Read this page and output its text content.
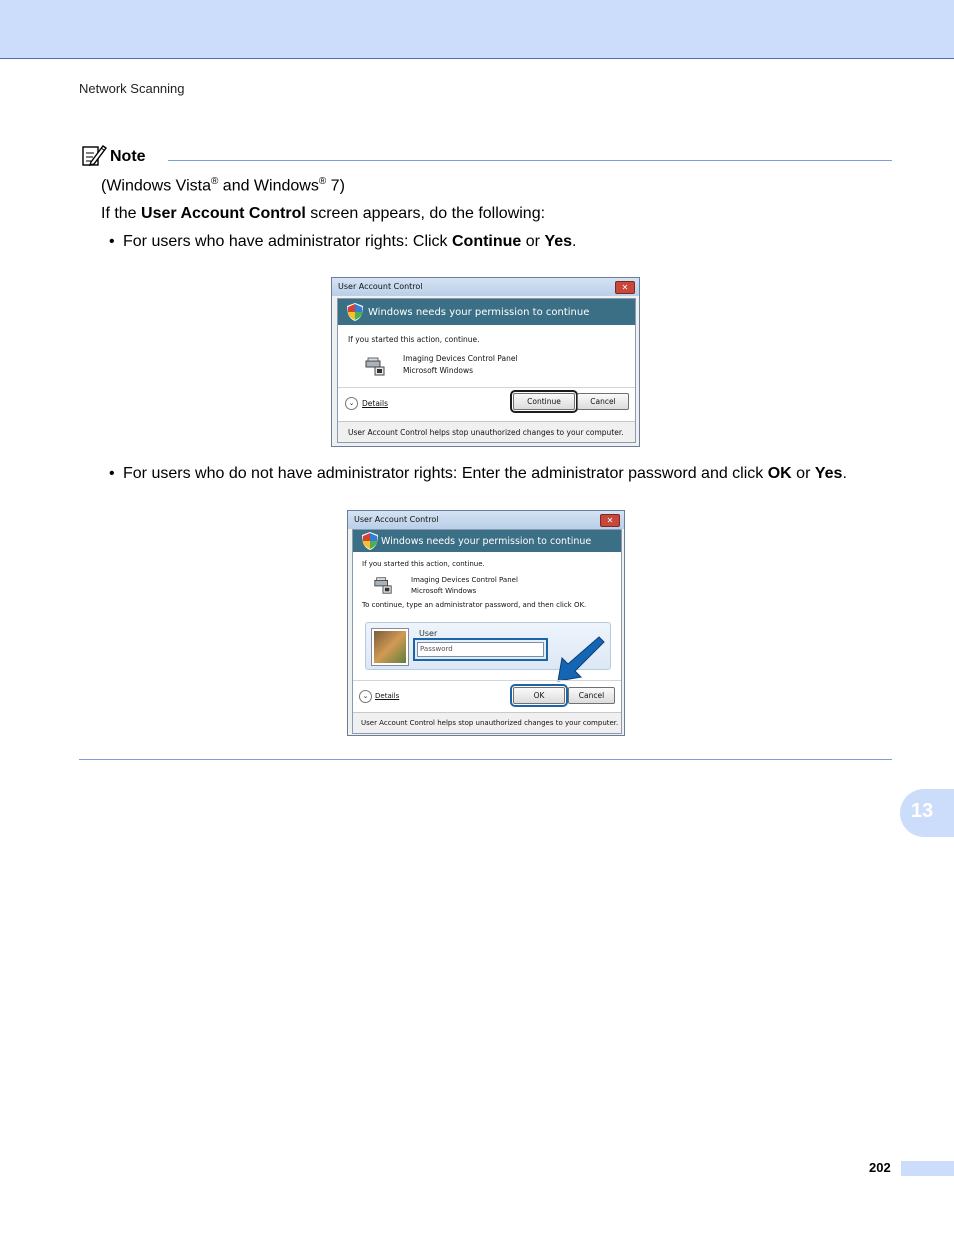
Network Scanning
Note
(Windows Vista® and Windows® 7)
If the User Account Control screen appears, do the following:
• For users who have administrator rights: Click Continue or Yes.
User Account Control	✕
Windows needs your permission to continue
If you started this action, continue.
Imaging Devices Control Panel
Microsoft Windows
⌄	Details	Continue	Cancel
User Account Control helps stop unauthorized changes to your computer.
• For users who do not have administrator rights: Enter the administrator password and click OK or Yes.
User Account Control	✕
Windows needs your permission to continue
If you started this action, continue.
Imaging Devices Control Panel
Microsoft Windows
To continue, type an administrator password, and then click OK.
User
Password
⌄ Details	OK	Cancel
User Account Control helps stop unauthorized changes to your computer.
13
202
